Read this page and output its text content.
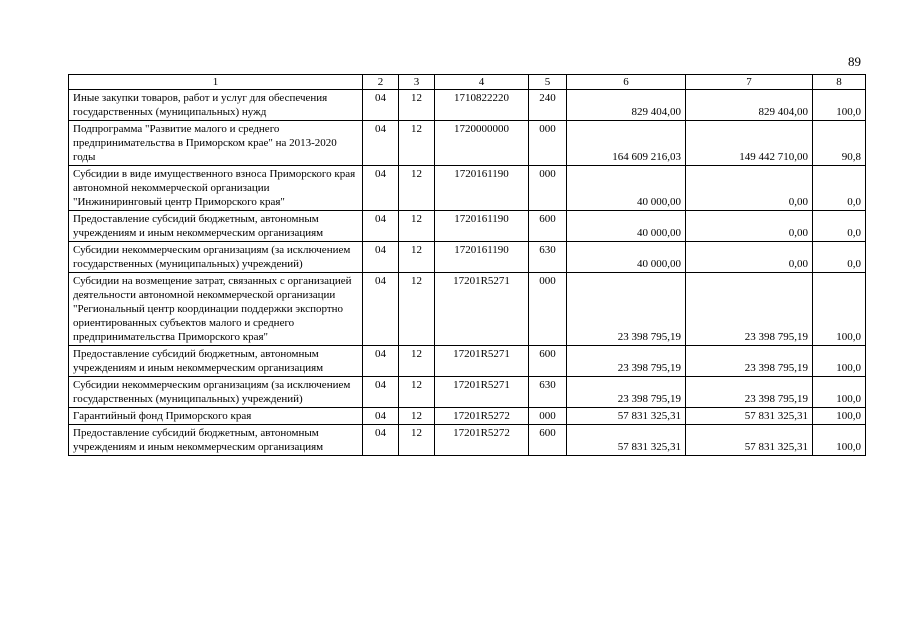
89
1	2	3	4	5	6	7	8
Иные закупки товаров, работ и услуг для обеспечения государственных (муниципальных) нужд	04	12	1710822220	240	829 404,00	829 404,00	100,0
Подпрограмма "Развитие малого и среднего предпринимательства в Приморском крае" на 2013-2020 годы	04	12	1720000000	000	164 609 216,03	149 442 710,00	90,8
Субсидии в виде имущественного взноса Приморского края автономной некоммерческой организации "Инжиниринговый центр Приморского края"	04	12	1720161190	000	40 000,00	0,00	0,0
Предоставление субсидий бюджетным, автономным учреждениям и иным некоммерческим организациям	04	12	1720161190	600	40 000,00	0,00	0,0
Субсидии некоммерческим организациям (за исключением государственных (муниципальных) учреждений)	04	12	1720161190	630	40 000,00	0,00	0,0
Субсидии на возмещение затрат, связанных с организацией деятельности автономной некоммерческой организации "Региональный центр координации поддержки экспортно ориентированных субъектов малого и среднего предпринимательства Приморского края"	04	12	17201R5271	000	23 398 795,19	23 398 795,19	100,0
Предоставление субсидий бюджетным, автономным учреждениям и иным некоммерческим организациям	04	12	17201R5271	600	23 398 795,19	23 398 795,19	100,0
Субсидии некоммерческим организациям (за исключением государственных (муниципальных) учреждений)	04	12	17201R5271	630	23 398 795,19	23 398 795,19	100,0
Гарантийный фонд Приморского края	04	12	17201R5272	000	57 831 325,31	57 831 325,31	100,0
Предоставление субсидий бюджетным, автономным учреждениям и иным некоммерческим организациям	04	12	17201R5272	600	57 831 325,31	57 831 325,31	100,0
